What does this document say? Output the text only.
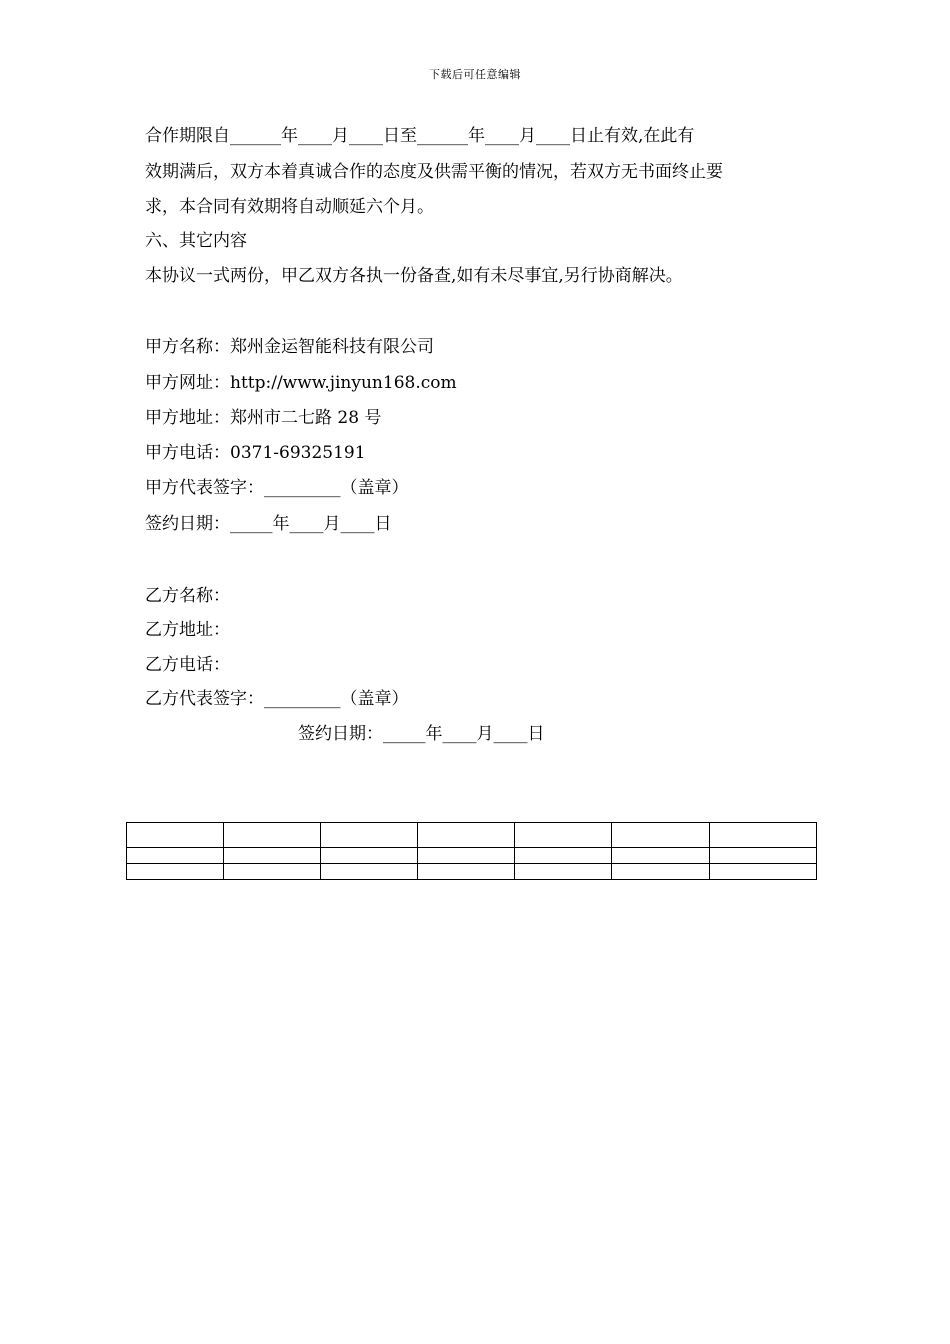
下载后可任意编辑
合作期限自______年____月____日至______年____月____日止有效,在此有
效期满后，双方本着真诚合作的态度及供需平衡的情况，若双方无书面终止要
求，本合同有效期将自动顺延六个月。
六、其它内容
本协议一式两份，甲乙双方各执一份备查,如有未尽事宜,另行协商解决。
甲方名称：郑州金运智能科技有限公司
甲方网址：http://www.jinyun168.com
甲方地址：郑州市二七路 28 号
甲方电话：0371-69325191
甲方代表签字：_________（盖章）
签约日期：_____年____月____日
乙方名称：
乙方地址：
乙方电话：
乙方代表签字：_________（盖章）
签约日期：_____年____月____日
